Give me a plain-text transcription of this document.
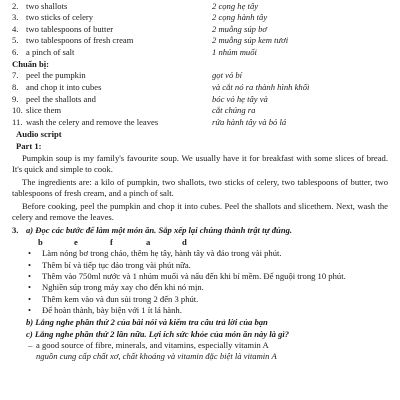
2. two shallots	2 cọng hẹ tây
3. two sticks of celery	2 cọng hành tây
4. two tablespoons of butter	2 muỗng súp bơ
5. two tablespoons of fresh cream	2 muỗng súp kem tươi
6. a pinch of salt	1 nhúm muối
Chuẩn bị:
7. peel the pumpkin	gọt vỏ bí
8. and chop it into cubes	và cắt nó ra thành hình khối
9. peel the shallots and	bóc vỏ hẹ tây và
10. slice them	cắt chúng ra
11. wash the celery and remove the leaves	rửa hành tây và bỏ lá
Audio script
Part 1:

Pumpkin soup is my family's favourite soup. We usually have it for breakfast with some slices of bread. It's quick and simple to cook.

The ingredients are: a kilo of pumpkin, two shallots, two sticks of celery, two tablespoons of butter, two tablespoons of fresh cream, and a pinch of salt.

Before cooking, peel the pumpkin and chop it into cubes. Peel the shallots and slicethem. Next, wash the celery and remove the leaves.

3. a) Đọc các bước để làm một món ăn. Sắp xếp lại chúng thành trật tự đúng.
b	e	f	a	d
•	Làm nóng bơ trong chảo, thêm hẹ tây, hành tây và đảo trong vài phút.
•	Thêm bí và tiếp tục đảo trong vài phút nữa.
•	Thêm vào 750ml nước và 1 nhúm muối và nấu đến khi bí mềm. Để nguội trong 10 phút.
•	Nghiền súp trong máy xay cho đến khi nó mịn.
•	Thêm kem vào và đun sủi trong 2 đến 3 phút.
•	Để hoàn thành, bày biện với 1 ít lá hành.
b) Lắng nghe phần thứ 2 của bài nói và kiểm tra câu trả lời của bạn
c) Lắng nghe phần thứ 2 lần nữa. Lợi ích sức khỏe của món ăn này là gì?
– a good source of fibre, minerals, and vitamins, especially vitamin A
nguồn cung cấp chất xơ, chất khoáng và vitamin đặc biệt là vitamin A
